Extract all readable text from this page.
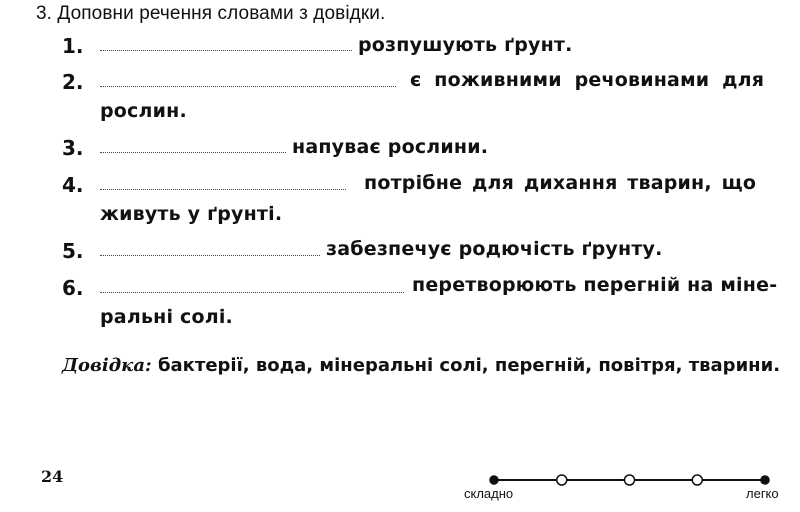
3. Доповни речення словами з довідки.
1.	розпушують ґрунт.
2.	є поживними речовинами для
рослин.
3.	напуває рослини.
4.	потрібне для дихання тварин, що
живуть у ґрунті.
5.	забезпечує родючість ґрунту.
6.	перетворюють перегній на міне-
ральні солі.
Довідка: бактерії, вода, мінеральні солі, перегній, повітря, тварини.
24
складно	легко
